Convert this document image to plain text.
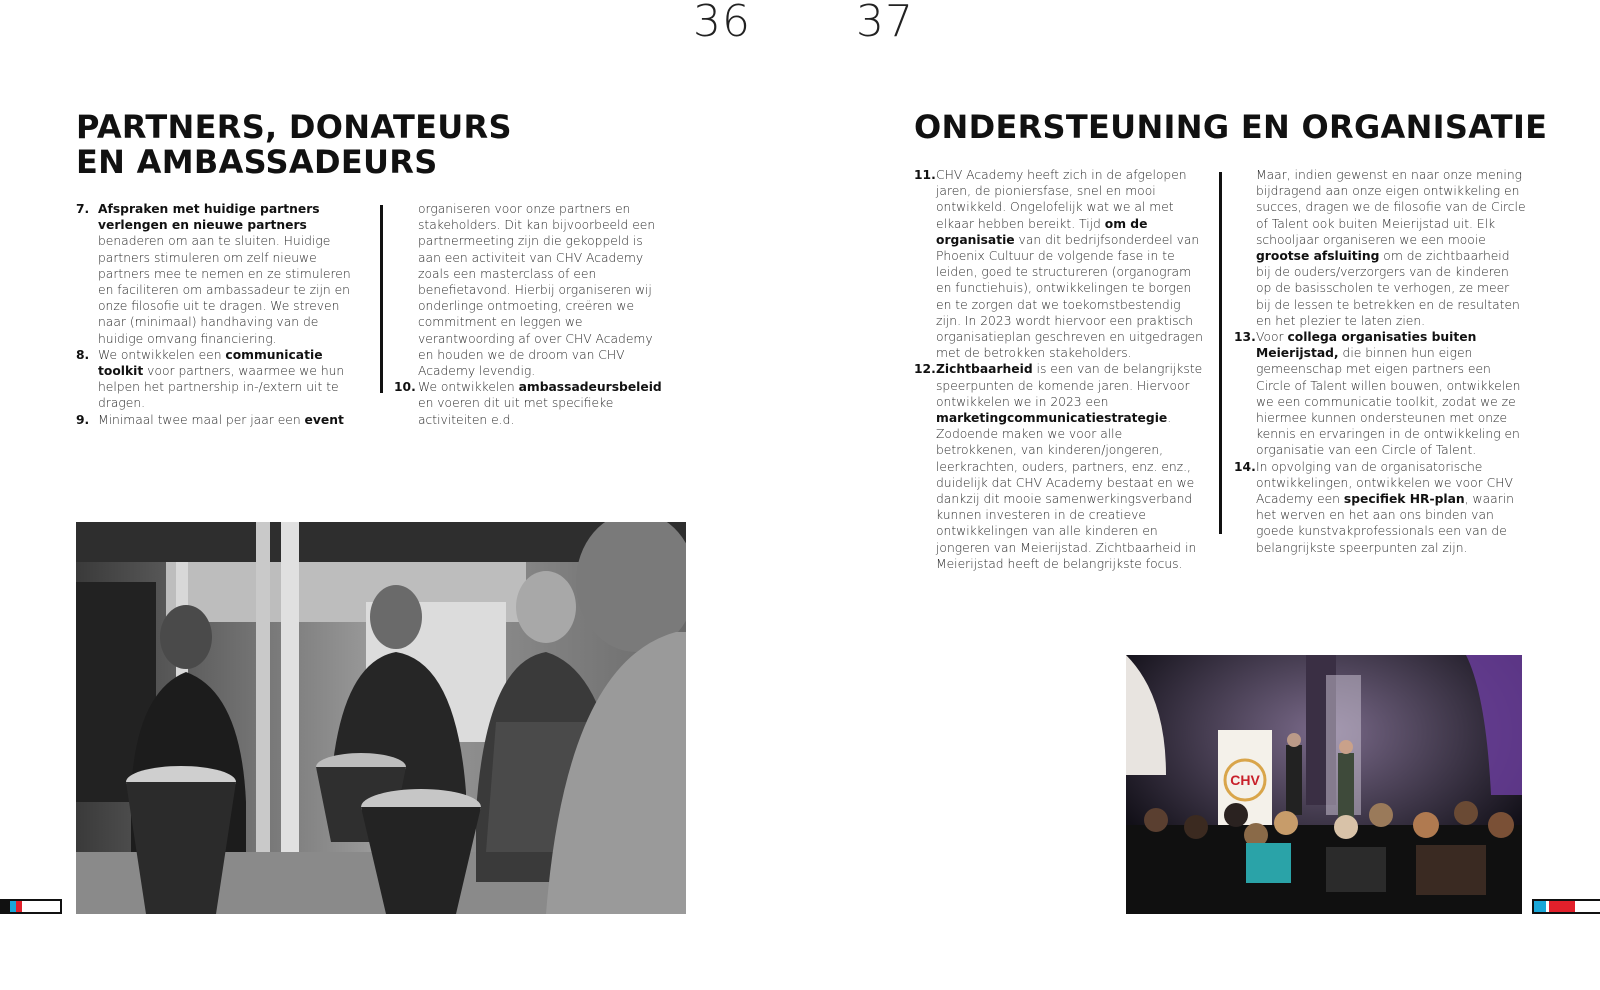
36 37
PARTNERS, DONATEURS
EN AMBASSADEURS
7. Afspraken met huidige partners verlengen en nieuwe partners benaderen om aan te sluiten. Huidige partners stimuleren om zelf nieuwe partners mee te nemen en ze stimuleren en faciliteren om ambassadeur te zijn en onze filosofie uit te dragen. We streven naar (minimaal) handhaving van de huidige omvang financiering.
8. We ontwikkelen een communicatie toolkit voor partners, waarmee we hun helpen het partnership in-/extern uit te dragen.
9. Minimaal twee maal per jaar een event
organiseren voor onze partners en stakeholders. Dit kan bijvoorbeeld een partnermeeting zijn die gekoppeld is aan een activiteit van CHV Academy zoals een masterclass of een benefietavond. Hierbij organiseren wij onderlinge ontmoeting, creëren we commitment en leggen we verantwoording af over CHV Academy en houden we de droom van CHV Academy levendig.
10. We ontwikkelen ambassadeursbeleid en voeren dit uit met specifieke activiteiten e.d.
ONDERSTEUNING EN ORGANISATIE
11. CHV Academy heeft zich in de afgelopen jaren, de pioniersfase, snel en mooi ontwikkeld. Ongelofelijk wat we al met elkaar hebben bereikt. Tijd om de organisatie van dit bedrijfsonderdeel van Phoenix Cultuur de volgende fase in te leiden, goed te structureren (organogram en functiehuis), ontwikkelingen te borgen en te zorgen dat we toekomstbestendig zijn. In 2023 wordt hiervoor een praktisch organisatieplan geschreven en uitgedragen met de betrokken stakeholders.
12. Zichtbaarheid is een van de belangrijkste speerpunten de komende jaren. Hiervoor ontwikkelen we in 2023 een marketingcommunicatiestrategie. Zodoende maken we voor alle betrokkenen, van kinderen/jongeren, leerkrachten, ouders, partners, enz. enz., duidelijk dat CHV Academy bestaat en we dankzij dit mooie samenwerkingsverband kunnen investeren in de creatieve ontwikkelingen van alle kinderen en jongeren van Meierijstad. Zichtbaarheid in Meierijstad heeft de belangrijkste focus.
Maar, indien gewenst en naar onze mening bijdragend aan onze eigen ontwikkeling en succes, dragen we de filosofie van de Circle of Talent ook buiten Meierijstad uit. Elk schooljaar organiseren we een mooie grootse afsluiting om de zichtbaarheid bij de ouders/verzorgers van de kinderen op de basisscholen te verhogen, ze meer bij de lessen te betrekken en de resultaten en het plezier te laten zien.
13. Voor collega organisaties buiten Meierijstad, die binnen hun eigen gemeenschap met eigen partners een Circle of Talent willen bouwen, ontwikkelen we een communicatie toolkit, zodat we ze hiermee kunnen ondersteunen met onze kennis en ervaringen in de ontwikkeling en organisatie van een Circle of Talent.
14. In opvolging van de organisatorische ontwikkelingen, ontwikkelen we voor CHV Academy een specifiek HR-plan, waarin het werven en het aan ons binden van goede kunstvakprofessionals een van de belangrijkste speerpunten zal zijn.
CHV
